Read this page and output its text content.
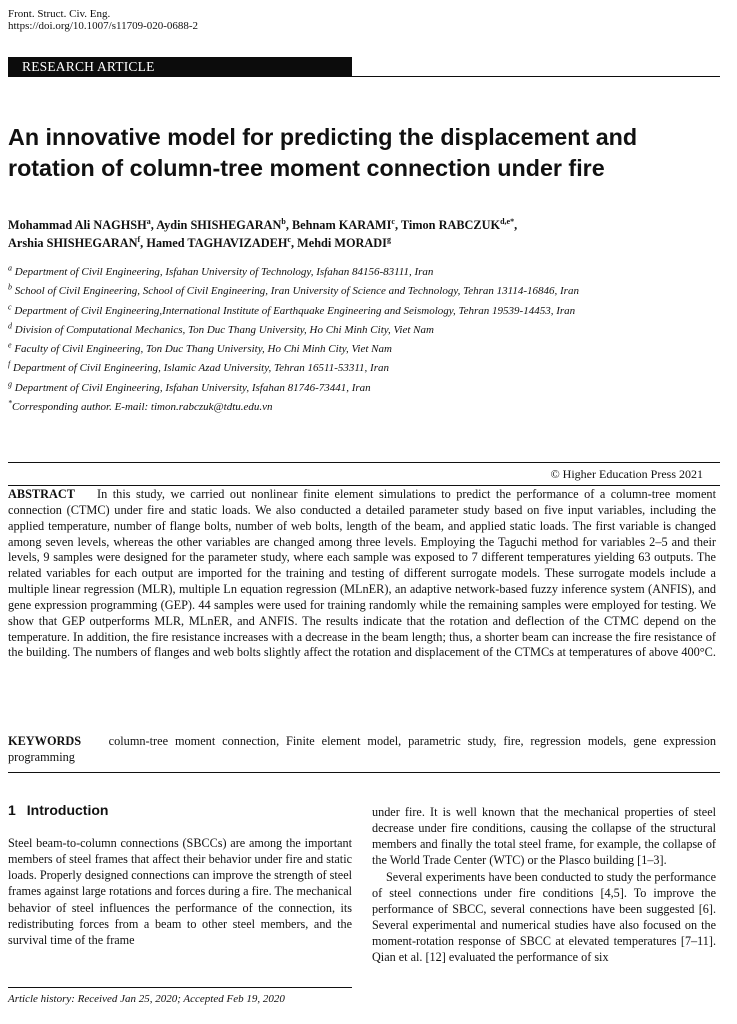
Front. Struct. Civ. Eng.
https://doi.org/10.1007/s11709-020-0688-2
RESEARCH ARTICLE
An innovative model for predicting the displacement and
rotation of column-tree moment connection under fire
Mohammad Ali NAGHSH$^a$, Aydin SHISHEGARAN$^b$, Behnam KARAMI$^c$, Timon $RABCZUK^{d,e*}$,
Arshia SHISHEGARAN$^f$, Hamed TAGHAVIZADEH$^c$, Mehdi MORADI$^g$
$^a$ Department of Civil Engineering, Isfahan University of Technology, Isfahan 84156-83111, Iran
$^b$ School of Civil Engineering, School of Civil Engineering, Iran University of Science and Technology, Tehran 13114-16846, Iran
$^c$ Department of Civil Engineering,International Institute of Earthquake Engineering and Seismology, Tehran 19539-14453, Iran
$^d$ Division of Computational Mechanics, Ton Duc Thang University, Ho Chi Minh City, Viet Nam
$^e$ Faculty of Civil Engineering, Ton Duc Thang University, Ho Chi Minh City, Viet Nam
$^f$ Department of Civil Engineering, Islamic Azad University, Tehran 16511-53311, Iran
$^g$ Department of Civil Engineering, Isfahan University, Isfahan 81746-73441, Iran
*Corresponding author. E-mail: timon.rabczuk@tdtu.edu.vn
© Higher Education Press 2021
ABSTRACT In this study, we carried out nonlinear finite element simulations to predict the performance of a column-tree moment connection (CTMC) under fire and static loads. We also conducted a detailed parameter study based on five input variables, including the applied temperature, number of flange bolts, number of web bolts, length of the beam, and applied static loads. The first variable is changed among seven levels, whereas the other variables are changed among three levels. Employing the Taguchi method for variables 2–5 and their levels, 9 samples were designed for the parameter study, where each sample was exposed to 7 different temperatures yielding 63 outputs. The related variables for each output are imported for the training and testing of different surrogate models. These surrogate models include a multiple linear regression (MLR), multiple Ln equation regression (MLnER), an adaptive network-based fuzzy inference system (ANFIS), and gene expression programming (GEP). 44 samples were used for training randomly while the remaining samples were employed for testing. We show that GEP outperforms MLR, MLnER, and ANFIS. The results indicate that the rotation and deflection of the CTMC depend on the temperature. In addition, the fire resistance increases with a decrease in the beam length; thus, a shorter beam can increase the fire resistance of the building. The numbers of flanges and web bolts slightly affect the rotation and displacement of the CTMCs at temperatures of above 400°C.
KEYWORDS column-tree moment connection, Finite element model, parametric study, fire, regression models, gene expression programming
1 Introduction

Steel beam-to-column connections (SBCCs) are among the important members of steel frames that affect their behavior under fire and static loads. Properly designed connections can improve the strength of steel frames against large rotations and forces during a fire. The mechanical behavior of steel influences the performance of the connection, its redistributing forces from a beam to other steel members, and the survival time of the frame

under fire. It is well known that the mechanical properties of steel decrease under fire conditions, causing the collapse of the structural members and finally the total steel frame, for example, the collapse of the World Trade Center (WTC) or the Plasco building [1–3].

Several experiments have been conducted to study the performance of steel connections under fire conditions [4,5]. To improve the performance of SBCC, several connections have been suggested [6]. Several experimental and numerical studies have also focused on the moment-rotation response of SBCC at elevated temperatures [7–11]. Qian et al. [12] evaluated the performance of six

Article history: Received Jan 25, 2020; Accepted Feb 19, 2020
